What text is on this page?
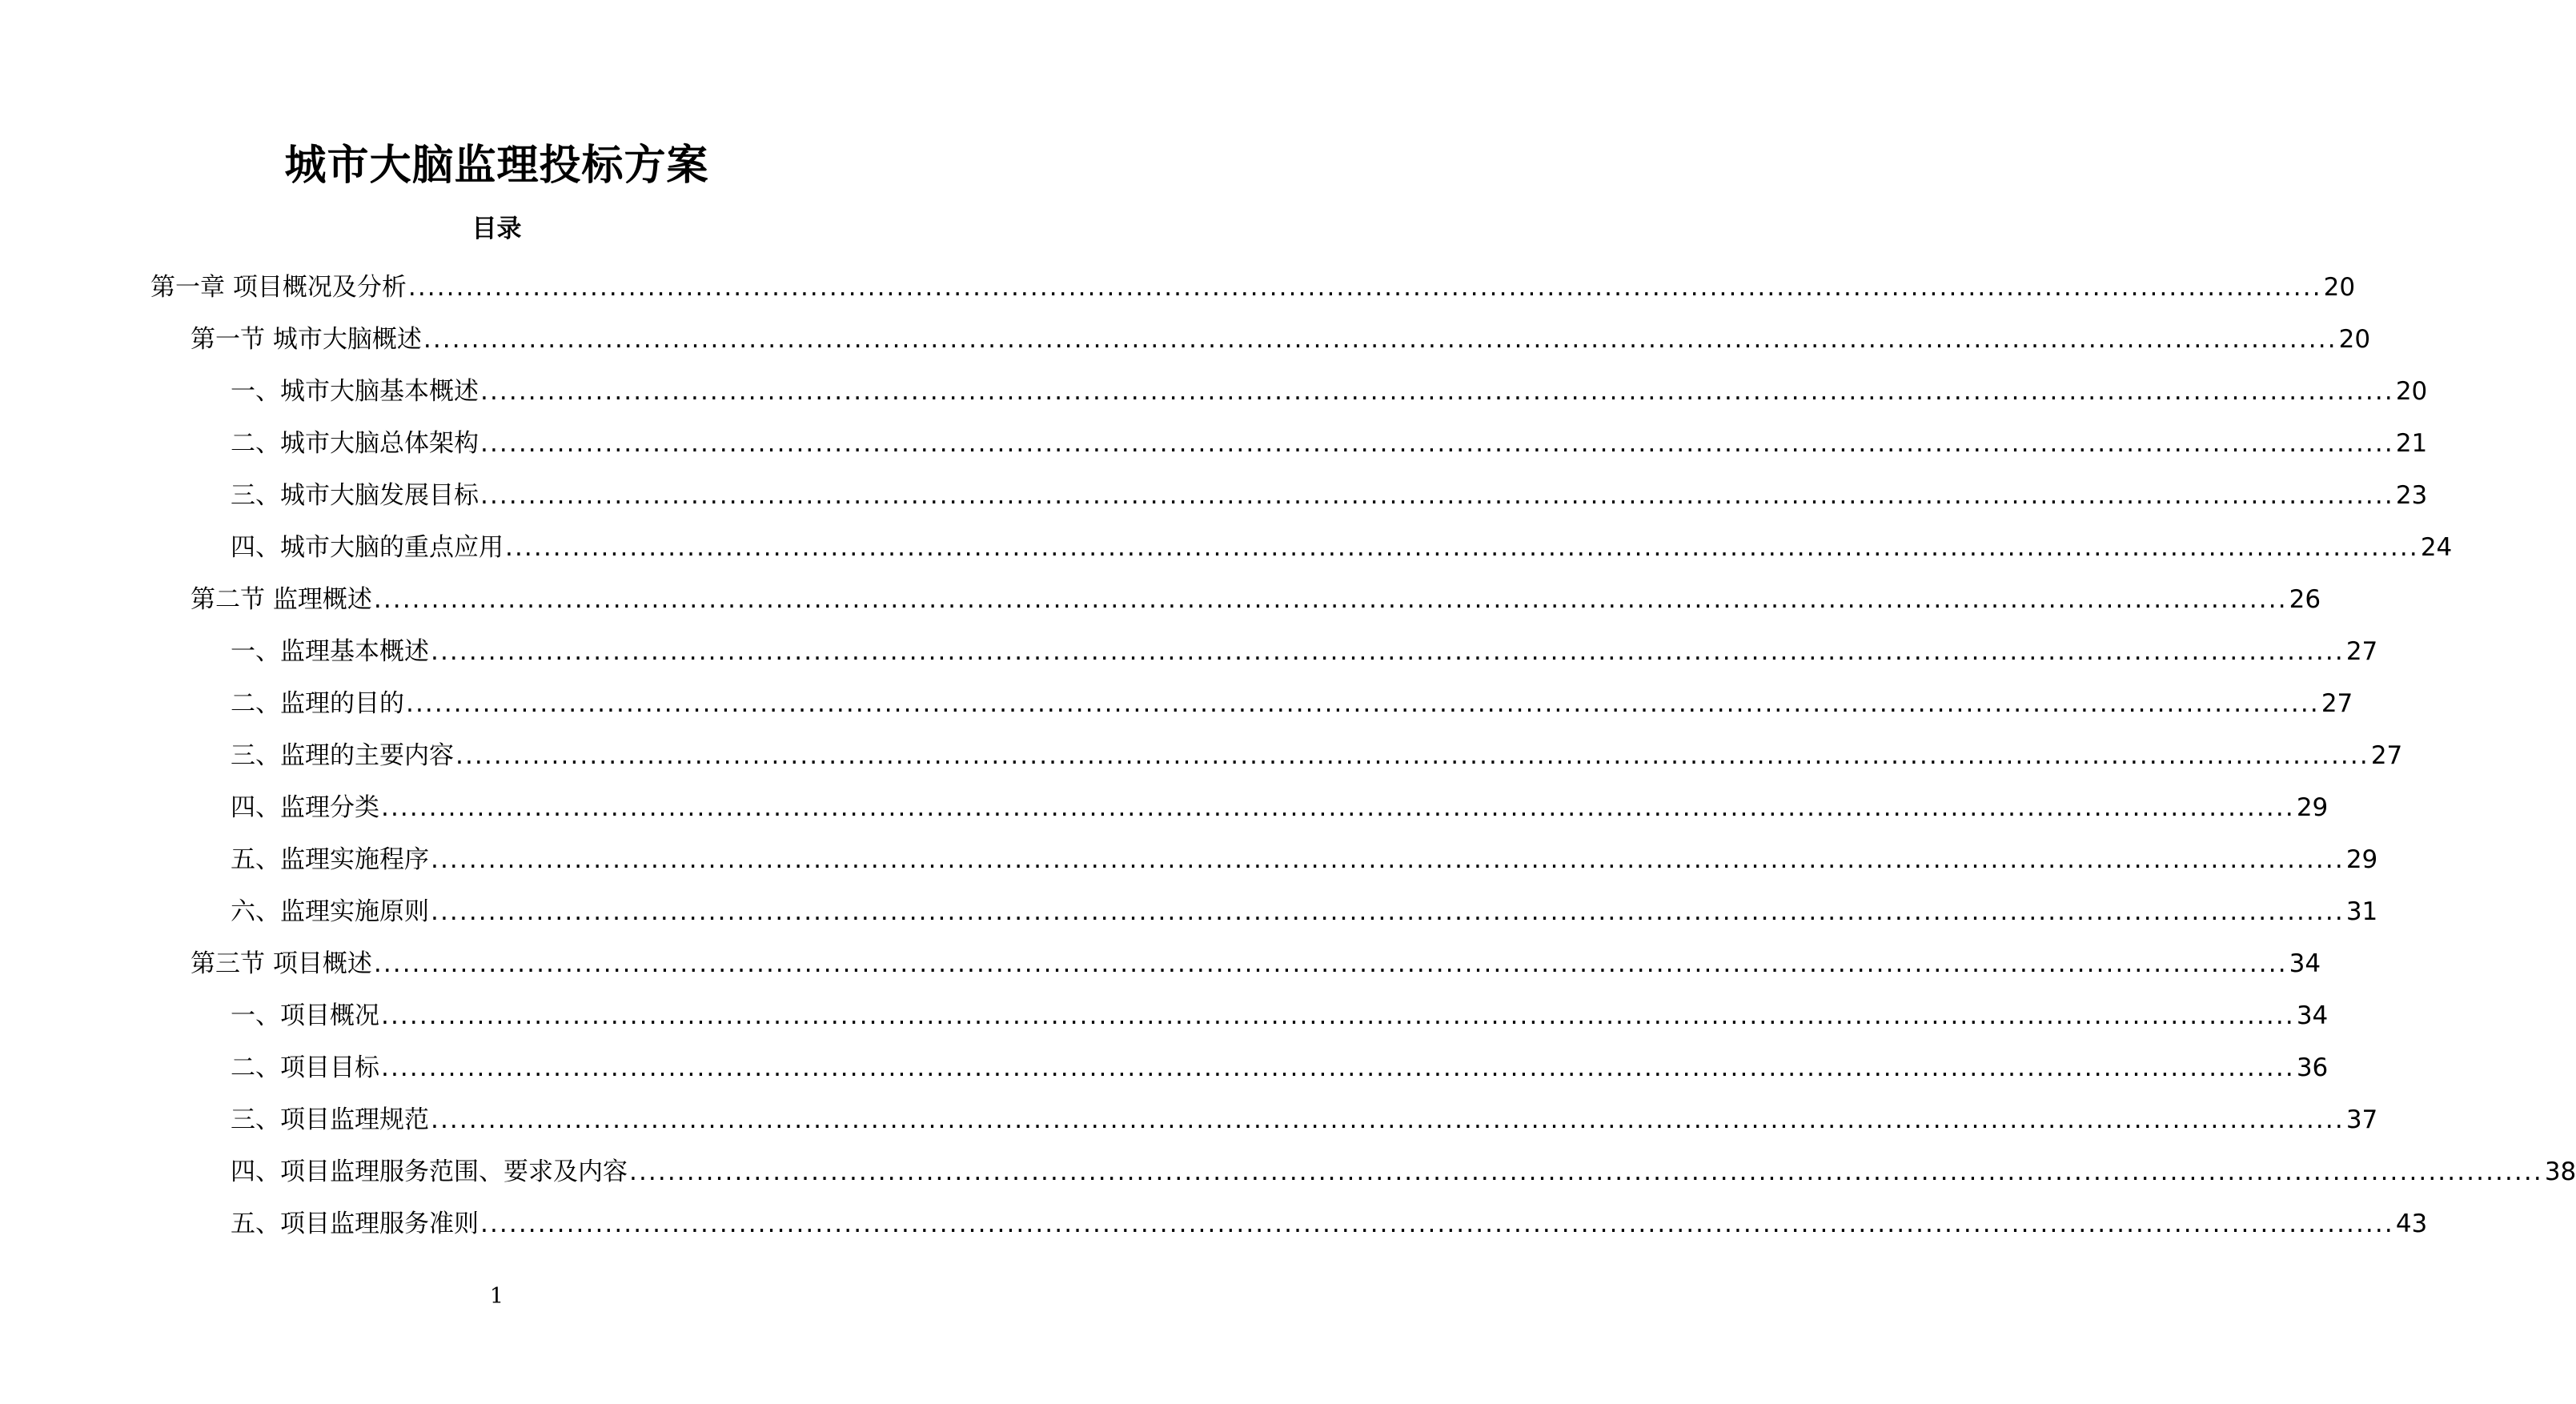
城市大脑监理投标方案
目录
第一章 项目概况及分析 ........................................................................................................................................................................................................ 20
第一节 城市大脑概述 ........................................................................................................................................................................................................ 20
一、城市大脑基本概述 ........................................................................................................................................................................................................ 20
二、城市大脑总体架构 ........................................................................................................................................................................................................ 21
三、城市大脑发展目标 ........................................................................................................................................................................................................ 23
四、城市大脑的重点应用 ........................................................................................................................................................................................................ 24
第二节 监理概述 ........................................................................................................................................................................................................ 26
一、监理基本概述 ........................................................................................................................................................................................................ 27
二、监理的目的 ........................................................................................................................................................................................................ 27
三、监理的主要内容 ........................................................................................................................................................................................................ 27
四、监理分类 ........................................................................................................................................................................................................ 29
五、监理实施程序 ........................................................................................................................................................................................................ 29
六、监理实施原则 ........................................................................................................................................................................................................ 31
第三节 项目概述 ........................................................................................................................................................................................................ 34
一、项目概况 ........................................................................................................................................................................................................ 34
二、项目目标 ........................................................................................................................................................................................................ 36
三、项目监理规范 ........................................................................................................................................................................................................ 37
四、项目监理服务范围、要求及内容 ........................................................................................................................................................................................................ 38
五、项目监理服务准则 ........................................................................................................................................................................................................ 43
1
